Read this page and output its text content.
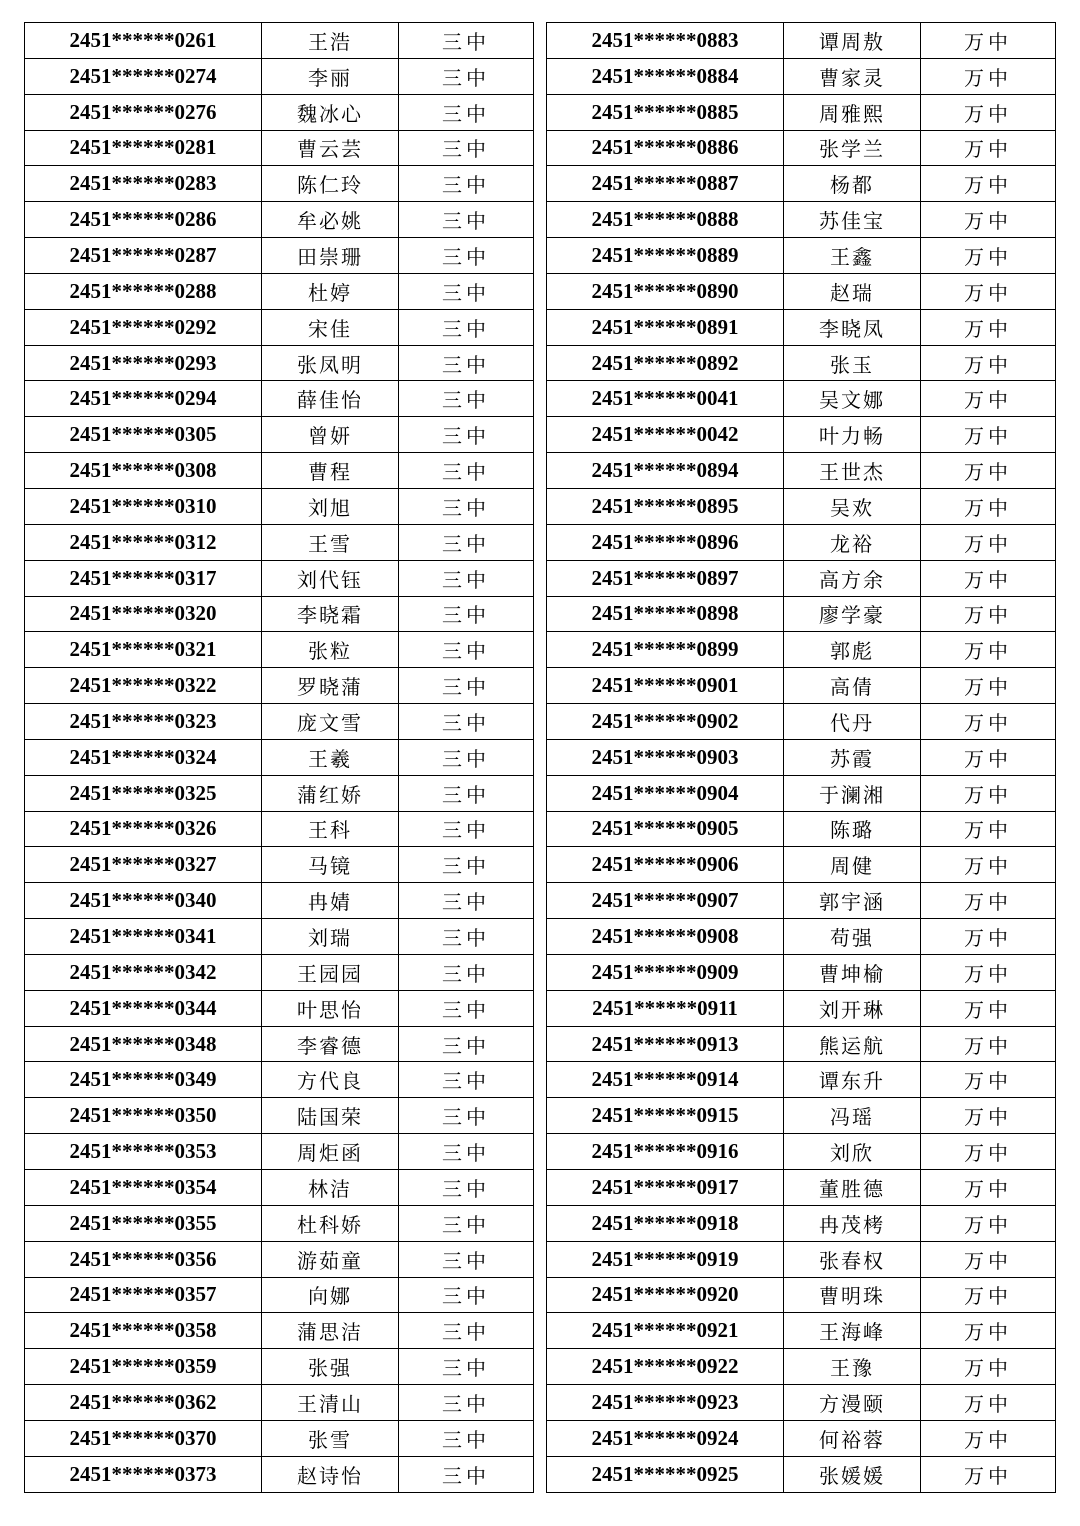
2451******0261	王浩	三中
2451******0274	李丽	三中
2451******0276	魏冰心	三中
2451******0281	曹云芸	三中
2451******0283	陈仁玲	三中
2451******0286	牟必姚	三中
2451******0287	田崇珊	三中
2451******0288	杜婷	三中
2451******0292	宋佳	三中
2451******0293	张凤明	三中
2451******0294	薛佳怡	三中
2451******0305	曾妍	三中
2451******0308	曹程	三中
2451******0310	刘旭	三中
2451******0312	王雪	三中
2451******0317	刘代钰	三中
2451******0320	李晓霜	三中
2451******0321	张粒	三中
2451******0322	罗晓蒲	三中
2451******0323	庞文雪	三中
2451******0324	王羲	三中
2451******0325	蒲红娇	三中
2451******0326	王科	三中
2451******0327	马镜	三中
2451******0340	冉婧	三中
2451******0341	刘瑞	三中
2451******0342	王园园	三中
2451******0344	叶思怡	三中
2451******0348	李睿德	三中
2451******0349	方代良	三中
2451******0350	陆国荣	三中
2451******0353	周炬函	三中
2451******0354	林洁	三中
2451******0355	杜科娇	三中
2451******0356	游茹童	三中
2451******0357	向娜	三中
2451******0358	蒲思洁	三中
2451******0359	张强	三中
2451******0362	王清山	三中
2451******0370	张雪	三中
2451******0373	赵诗怡	三中
2451******0883	谭周敖	万中
2451******0884	曹家灵	万中
2451******0885	周雅熙	万中
2451******0886	张学兰	万中
2451******0887	杨都	万中
2451******0888	苏佳宝	万中
2451******0889	王鑫	万中
2451******0890	赵瑞	万中
2451******0891	李晓凤	万中
2451******0892	张玉	万中
2451******0041	吴文娜	万中
2451******0042	叶力畅	万中
2451******0894	王世杰	万中
2451******0895	吴欢	万中
2451******0896	龙裕	万中
2451******0897	高方余	万中
2451******0898	廖学豪	万中
2451******0899	郭彪	万中
2451******0901	高倩	万中
2451******0902	代丹	万中
2451******0903	苏霞	万中
2451******0904	于澜湘	万中
2451******0905	陈璐	万中
2451******0906	周健	万中
2451******0907	郭宇涵	万中
2451******0908	苟强	万中
2451******0909	曹坤榆	万中
2451******0911	刘开琳	万中
2451******0913	熊运航	万中
2451******0914	谭东升	万中
2451******0915	冯瑶	万中
2451******0916	刘欣	万中
2451******0917	董胜德	万中
2451******0918	冉茂栲	万中
2451******0919	张春权	万中
2451******0920	曹明珠	万中
2451******0921	王海峰	万中
2451******0922	王豫	万中
2451******0923	方漫颐	万中
2451******0924	何裕蓉	万中
2451******0925	张媛媛	万中
